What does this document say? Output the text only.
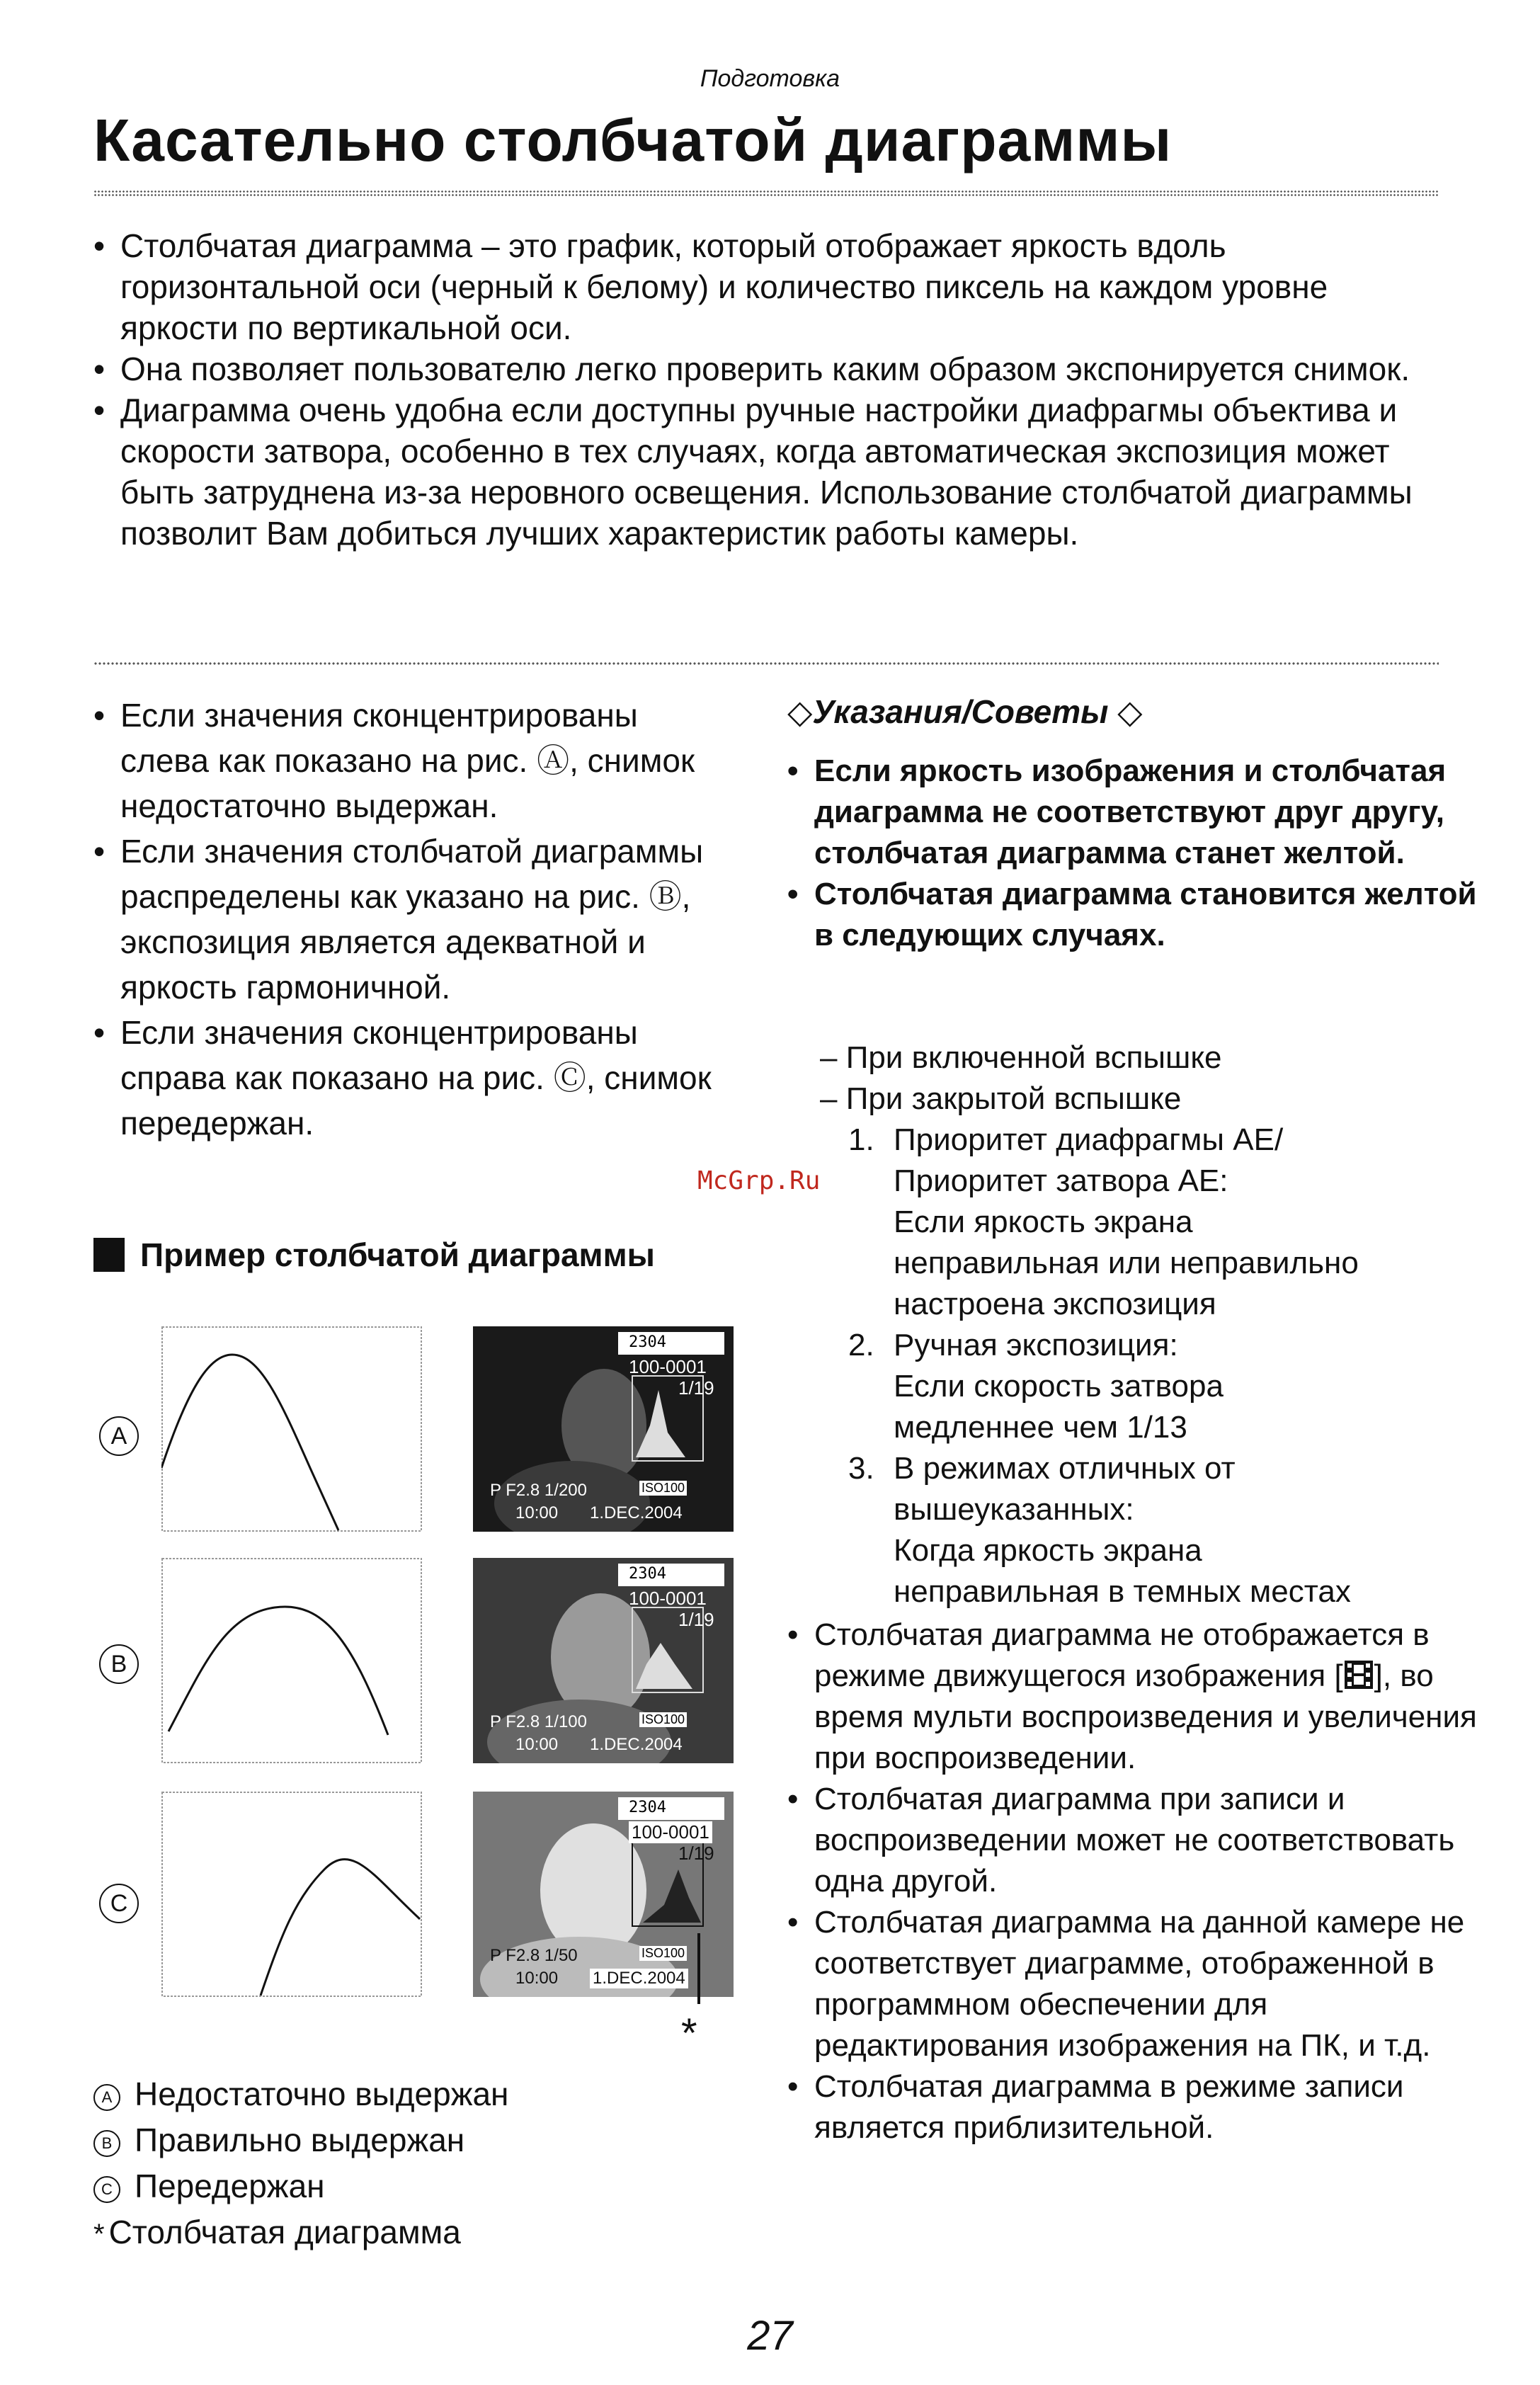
Подготовка
Касательно столбчатой диаграммы

• Столбчатая диаграмма – это график, который отображает яркость вдоль горизонтальной оси (черный к белому) и количество пиксель на каждом уровне яркости по вертикальной оси.

• Она позволяет пользователю легко проверить каким образом экспонируется снимок.

• Диаграмма очень удобна если доступны ручные настройки диафрагмы объектива и скорости затвора, особенно в тех случаях, когда автоматическая экспозиция может быть затруднена из-за неровного освещения. Использование столбчатой диаграммы позволит Вам добиться лучших характеристик работы камеры.

• Если значения сконцентрированы слева как показано на рис. Ⓐ, снимок недостаточно выдержан.

• Если значения столбчатой диаграммы распределены как указано на рис. Ⓑ, экспозиция является адекватной и яркость гармоничной.

• Если значения сконцентрированы справа как показано на рис. Ⓒ, снимок передержан.

McGrp.Ru
Пример столбчатой диаграммы
A
B
C
2304
100-0001
1/19
P F2.8 1/200	ISO100
10:00 1.DEC.2004
2304
100-0001
1/19
P F2.8 1/100	ISO100
10:00 1.DEC.2004
2304
100-0001
1/19
P F2.8 1/50	ISO100
10:00 1.DEC.2004
*
A Недостаточно выдержан
B Правильно выдержан
C Передержан
* Столбчатая диаграмма
◇Указания/Советы ◇

• Если яркость изображения и столбчатая диаграмма не соответствуют друг другу, столбчатая диаграмма станет желтой.

• Столбчатая диаграмма становится желтой в следующих случаях.

– При включенной вспышке
– При закрытой вспышке
1. Приоритет диафрагмы AE/
Приоритет затвора AE:
Если яркость экрана
неправильная или неправильно
настроена экспозиция
2. Ручная экспозиция:
Если скорость затвора
медленнее чем 1/13
3. В режимах отличных от
вышеуказанных:
Когда яркость экрана
неправильная в темных местах

• Столбчатая диаграмма не отображается в режиме движущегося изображения [ ], во время мульти воспроизведения и увеличения при воспроизведении.

• Столбчатая диаграмма при записи и воспроизведении может не соответствовать одна другой.

• Столбчатая диаграмма на данной камере не соответствует диаграмме, отображенной в программном обеспечении для редактирования изображения на ПК, и т.д.

• Столбчатая диаграмма в режиме записи является приблизительной.

27
